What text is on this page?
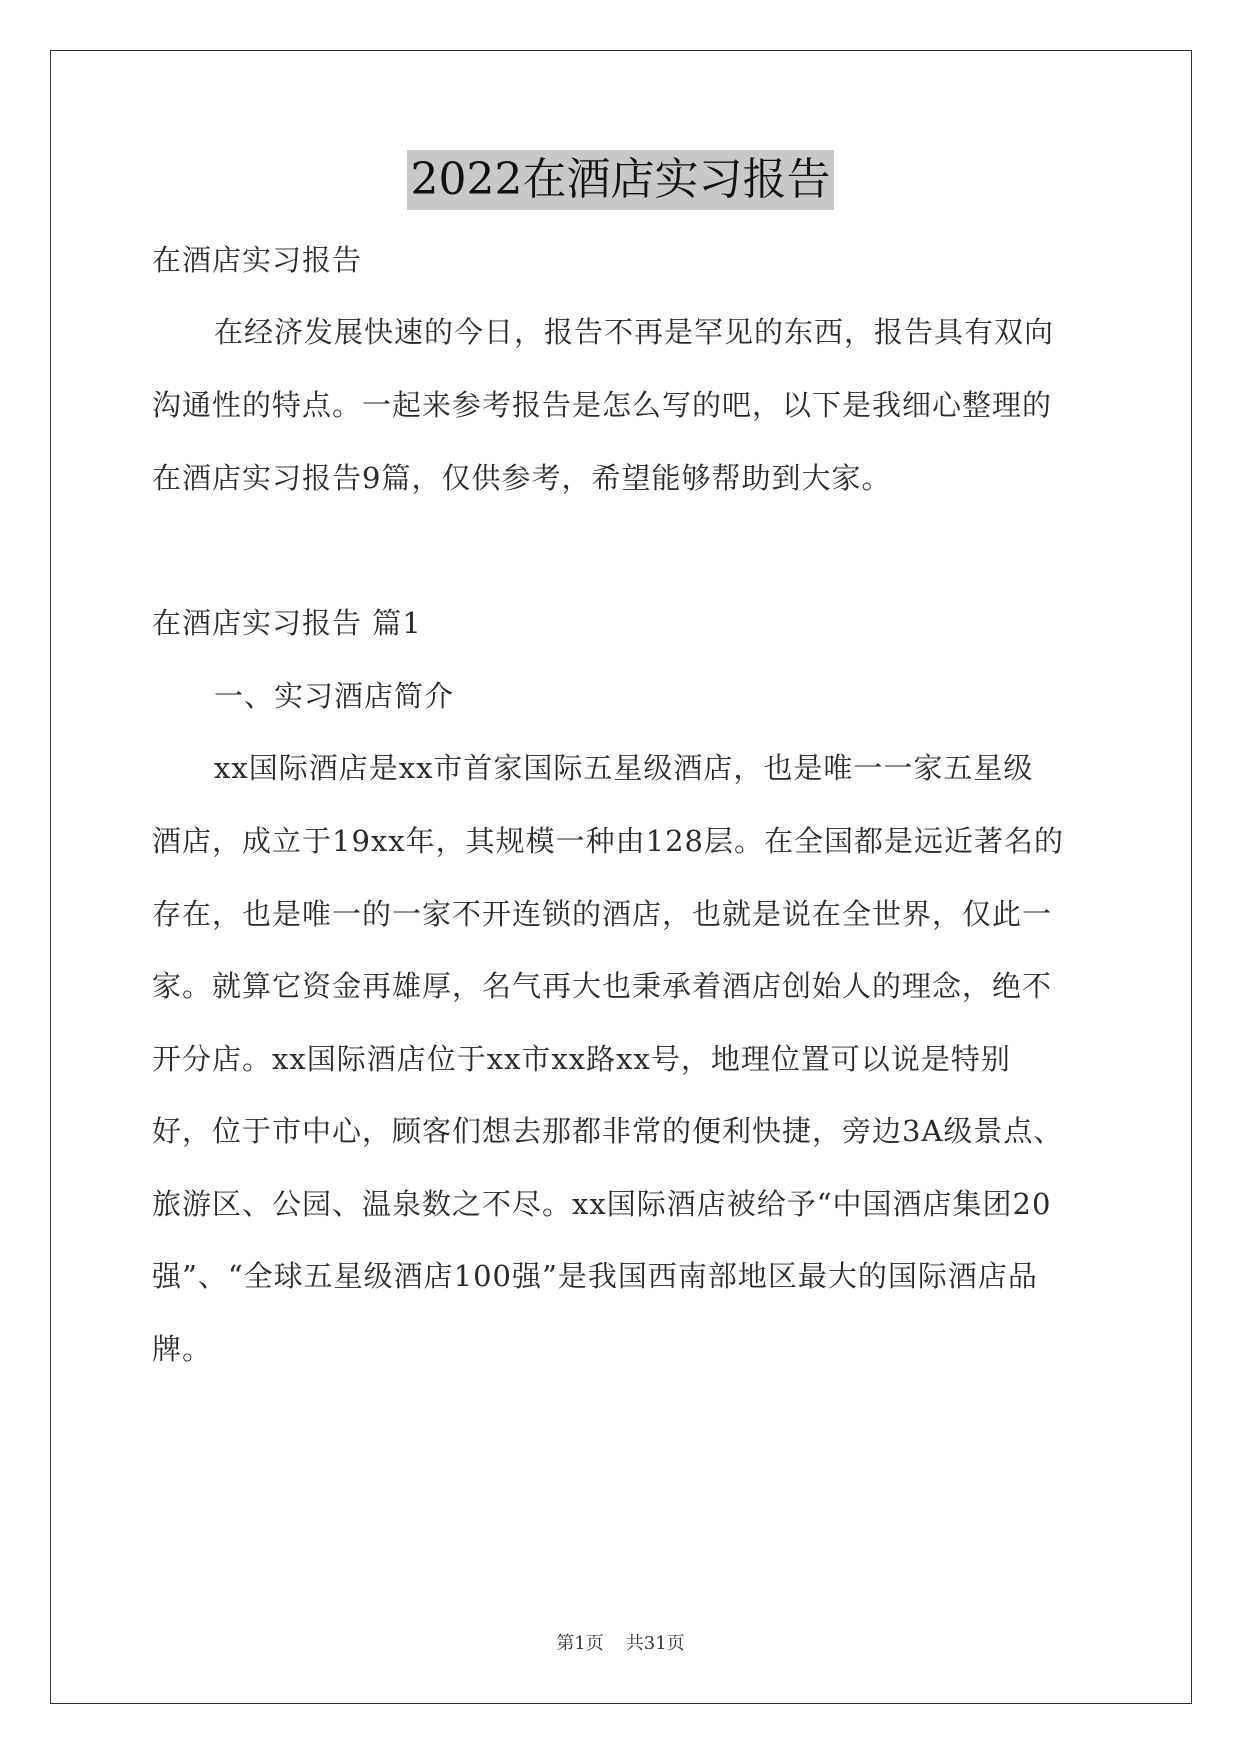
2022在酒店实习报告
在酒店实习报告
在经济发展快速的今日，报告不再是罕见的东西，报告具有双向
沟通性的特点。一起来参考报告是怎么写的吧，以下是我细心整理的
在酒店实习报告9篇，仅供参考，希望能够帮助到大家。
在酒店实习报告 篇1
一、实习酒店简介
xx国际酒店是xx市首家国际五星级酒店，也是唯一一家五星级
酒店，成立于19xx年，其规模一种由128层。在全国都是远近著名的
存在，也是唯一的一家不开连锁的酒店，也就是说在全世界，仅此一
家。就算它资金再雄厚，名气再大也秉承着酒店创始人的理念，绝不
开分店。xx国际酒店位于xx市xx路xx号，地理位置可以说是特别
好，位于市中心，顾客们想去那都非常的便利快捷，旁边3A级景点、
旅游区、公园、温泉数之不尽。xx国际酒店被给予“中国酒店集团20
强”、“全球五星级酒店100强”是我国西南部地区最大的国际酒店品
牌。
第1页 共31页
